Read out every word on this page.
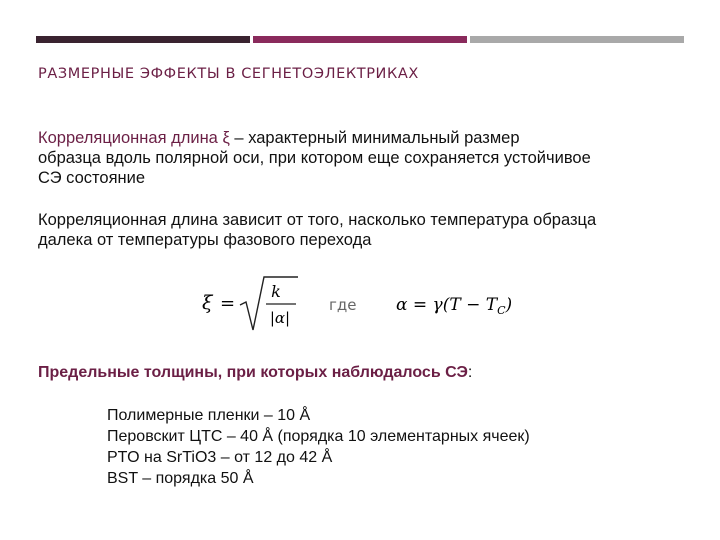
РАЗМЕРНЫЕ ЭФФЕКТЫ В СЕГНЕТОЭЛЕКТРИКАХ
Корреляционная длина ξ – характерный минимальный размер
образца вдоль полярной оси, при котором еще сохраняется устойчивое
СЭ состояние
Корреляционная длина зависит от того, насколько температура образца
далека от температуры фазового перехода
ξ =
k
|α|
$\alpha = \gamma(T - T_C)$
где
Предельные толщины, при которых наблюдалось СЭ:
Полимерные пленки – 10 Å
Перовскит ЦТС – 40 Å (порядка 10 элементарных ячеек)
PTO на SrTiO3 – от 12 до 42 Å
BST – порядка 50 Å
